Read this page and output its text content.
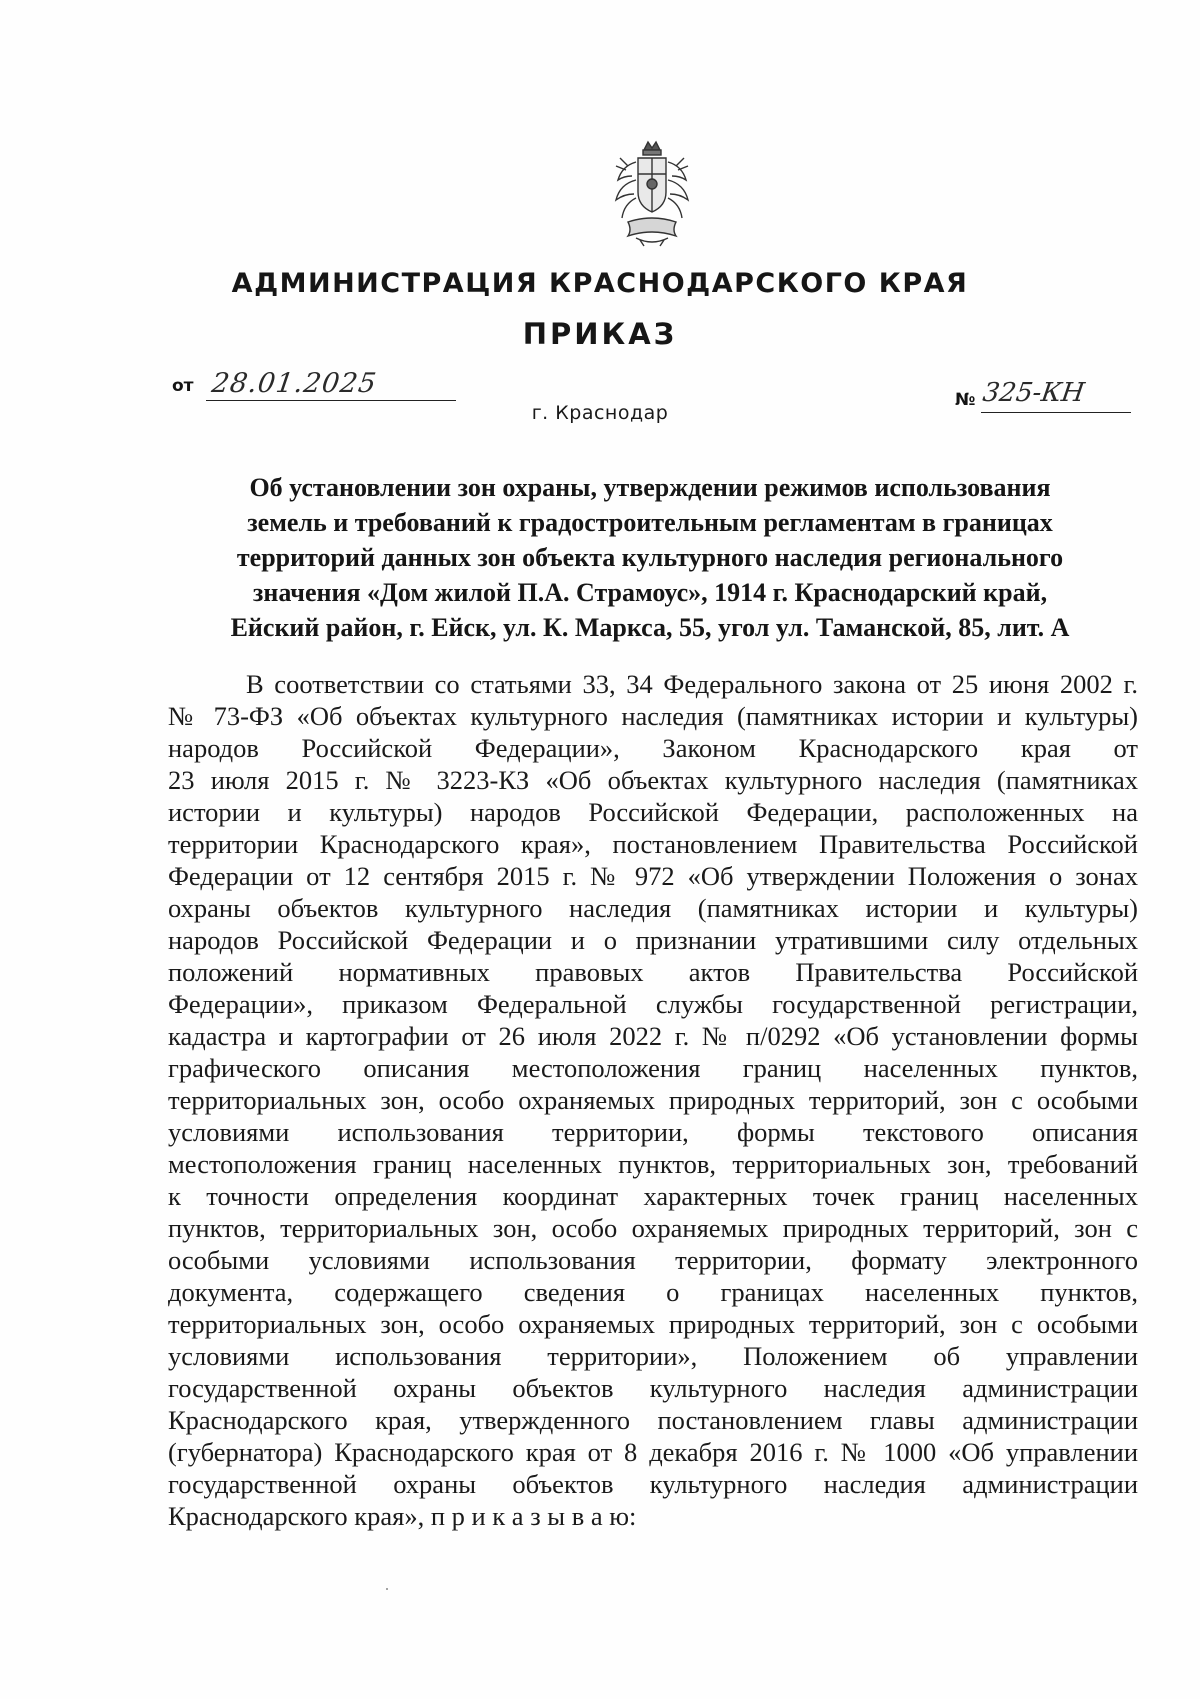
АДМИНИСТРАЦИЯ КРАСНОДАРСКОГО КРАЯ
ПРИКАЗ
от 28.01.2025
г. Краснодар
№ 325-КН
Об установлении зон охраны, утверждении режимов использования
земель и требований к градостроительным регламентам в границах
территорий данных зон объекта культурного наследия регионального
значения «Дом жилой П.А. Страмоус», 1914 г. Краснодарский край,
Ейский район, г. Ейск, ул. К. Маркса, 55, угол ул. Таманской, 85, лит. А
В соответствии со статьями 33, 34 Федерального закона от 25 июня 2002 г.
№ 73-ФЗ «Об объектах культурного наследия (памятниках истории и культуры)
народов Российской Федерации», Законом Краснодарского края от
23 июля 2015 г. № 3223-КЗ «Об объектах культурного наследия (памятниках
истории и культуры) народов Российской Федерации, расположенных на
территории Краснодарского края», постановлением Правительства Российской
Федерации от 12 сентября 2015 г. № 972 «Об утверждении Положения о зонах
охраны объектов культурного наследия (памятниках истории и культуры)
народов Российской Федерации и о признании утратившими силу отдельных
положений нормативных правовых актов Правительства Российской
Федерации», приказом Федеральной службы государственной регистрации,
кадастра и картографии от 26 июля 2022 г. № п/0292 «Об установлении формы
графического описания местоположения границ населенных пунктов,
территориальных зон, особо охраняемых природных территорий, зон с особыми
условиями использования территории, формы текстового описания
местоположения границ населенных пунктов, территориальных зон, требований
к точности определения координат характерных точек границ населенных
пунктов, территориальных зон, особо охраняемых природных территорий, зон с
особыми условиями использования территории, формату электронного
документа, содержащего сведения о границах населенных пунктов,
территориальных зон, особо охраняемых природных территорий, зон с особыми
условиями использования территории», Положением об управлении
государственной охраны объектов культурного наследия администрации
Краснодарского края, утвержденного постановлением главы администрации
(губернатора) Краснодарского края от 8 декабря 2016 г. № 1000 «Об управлении
государственной охраны объектов культурного наследия администрации
Краснодарского края», п р и к а з ы в а ю:
